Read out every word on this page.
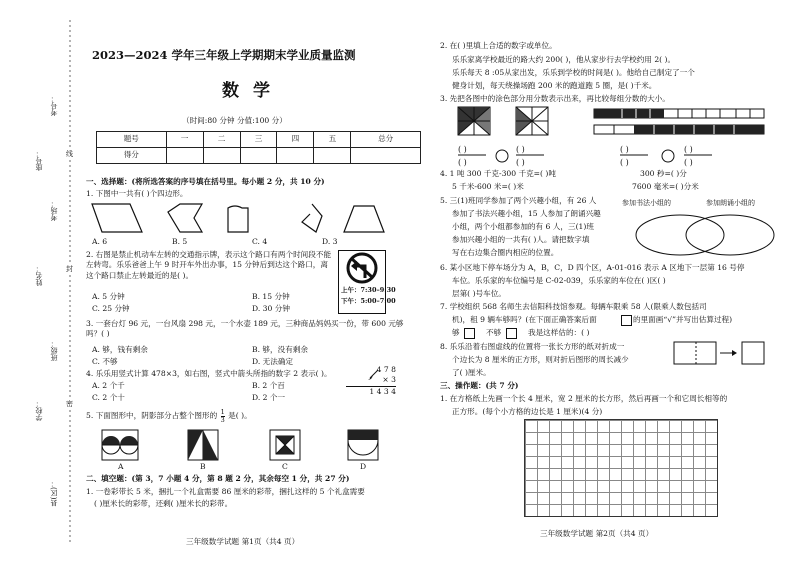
考号：
座号：	线
考场：
姓名：	封
班级：
学校：	密
县(区)：
2023—2024 学年三年级上学期期末学业质量监测
数学
（时间:80 分钟 分值:100 分）
题号	一	二	三	四	五	总分
得分						
一、选择题：(将所选答案的序号填在括号里。每小题 2 分，共 10 分)
1. 下图中一共有( )个四边形。
A. 6	B. 5	C. 4	D. 3
2. 右图是禁止机动车左转的交通指示牌，表示这个路口有两个时间段不能左转弯。乐乐爸爸上午 9 时开车外出办事，15 分钟后到达这个路口，离这个路口禁止左转最近的是( )。
上午：7:30–9:30
下午：5:00–7:00
A. 5 分钟	B. 15 分钟
C. 25 分钟	D. 30 分钟
3. 一套台灯 96 元，一台风扇 298 元，一个水壶 189 元，三种商品妈妈买一份，带 600 元够吗？( )
A. 够，钱有剩余	B. 够，没有剩余
C. 不够	D. 无法确定
4. 乐乐用竖式计算 478×3，如右图，竖式中箭头所指的数字 2 表示( )。
A. 2 个千	B. 2 个百
C. 2 个十	D. 2 个一
4 7 8
× 3
1 4 3 4
5. 下面图形中，阴影部分占整个图形的 $\frac{1}{3}$ 是( )。
A	B	C	D
二、填空题：(第 3，7 小题 4 分，第 8 题 2 分，其余每空 1 分，共 27 分)
1. 一卷彩带长 5 米，捆扎一个礼盒需要 86 厘米的彩带，捆扎这样的 5 个礼盒需要
( )厘米长的彩带，还剩( )厘米长的彩带。
三年级数学试题 第1页（共4 页）
2. 在( )里填上合适的数字或单位。
乐乐家离学校最近的路大约 200( )，他从家步行去学校约用 2( )。
乐乐每天 8 :05从家出发，乐乐到学校的时间是( )。他给自己制定了一个
健身计划，每天绕操场跑 200 米的跑道跑 5 圈，是( )千米。
3. 先把各图中的涂色部分用分数表示出来，再比较每组分数的大小。
( )
( )
( )
( )
( )
( )
( )
( )
4. 1 吨 300 千克-300 千克=( )吨	300 秒=( )分
5 千米-600 米=( )米	7600 毫米=( )分米
5. 三(1)班同学参加了两个兴趣小组，有 26 人
参加了书法兴趣小组，15 人参加了朗诵兴趣
小组，两个小组都参加的有 6 人，三(1)班
参加兴趣小组的一共有( )人。请把数字填
写在右边集合圈内相应的位置。
参加书法小组的	参加朗诵小组的
6. 某小区地下停车场分为 A，B，C，D 四个区，A-01-016 表示 A 区地下一层第 16 号停
车位。乐乐家的车位编号是 C-02-039，乐乐家的车位在( )区( )
层第( )号车位。
7. 学校组织 568 名师生去信阳科技馆参观。每辆车限乘 58 人(限乘人数包括司
机)，租 9 辆车够吗？(在下面正确答案后面	的里面画“√”并写出估算过程)
够	不够	我是这样估的：( )
8. 乐乐沿着右图虚线的位置将一张长方形的纸对折成一
个边长为 8 厘米的正方形，则对折后图形的周长减少
了( )厘米。
三、操作题：(共 7 分)
1. 在方格纸上先画一个长 4 厘米，宽 2 厘米的长方形，然后再画一个和它周长相等的
正方形。(每个小方格的边长是 1 厘米)(4 分)
三年级数学试题 第2页（共4 页）
